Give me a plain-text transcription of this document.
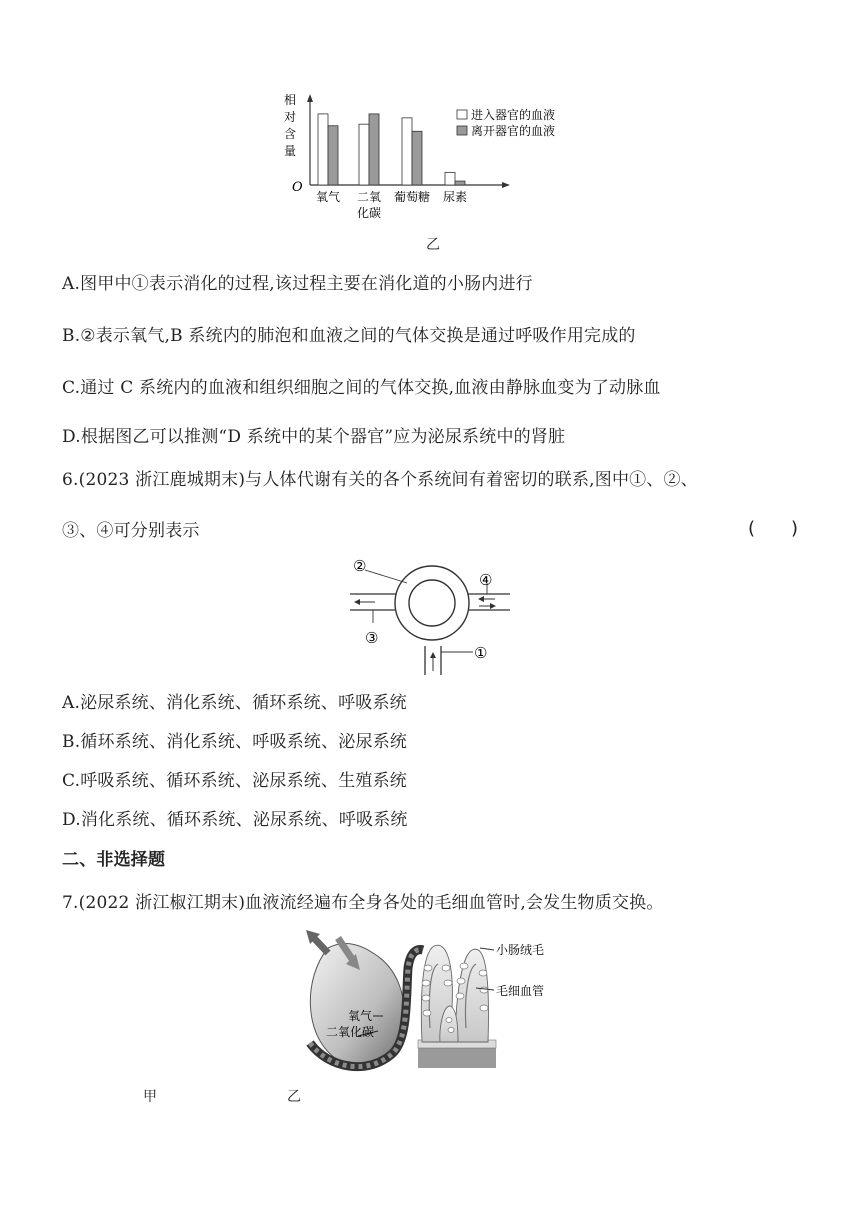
相
对
含
量
O
氧气 二氧
化碳
葡萄糖 尿素
进入器官的血液
离开器官的血液
乙
A.图甲中①表示消化的过程,该过程主要在消化道的小肠内进行
B.②表示氧气,B 系统内的肺泡和血液之间的气体交换是通过呼吸作用完成的
C.通过 C 系统内的血液和组织细胞之间的气体交换,血液由静脉血变为了动脉血
D.根据图乙可以推测“D 系统中的某个器官”应为泌尿系统中的肾脏
6.(2023 浙江鹿城期末)与人体代谢有关的各个系统间有着密切的联系,图中①、②、
③、④可分别表示	(　　)
②
③
④
①
A.泌尿系统、消化系统、循环系统、呼吸系统
B.循环系统、消化系统、呼吸系统、泌尿系统
C.呼吸系统、循环系统、泌尿系统、生殖系统
D.消化系统、循环系统、泌尿系统、呼吸系统
二、非选择题
7.(2022 浙江椒江期末)血液流经遍布全身各处的毛细血管时,会发生物质交换。
氧气
二氧化碳
小肠绒毛
毛细血管
甲	乙
